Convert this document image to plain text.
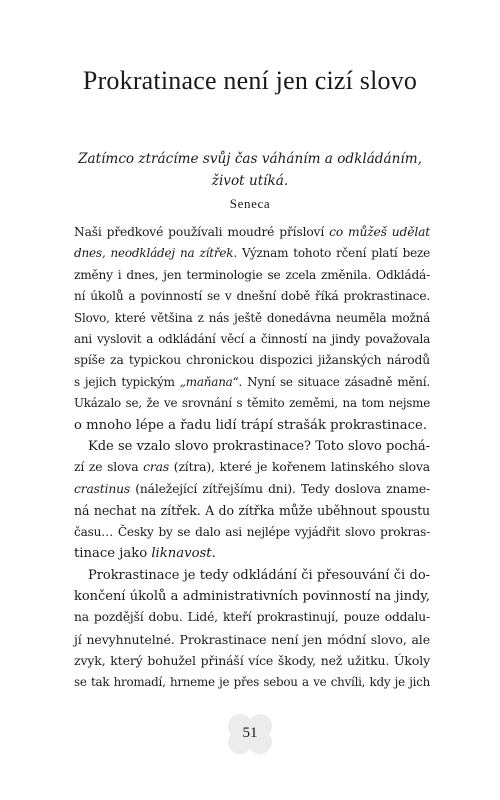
Prokratinace není jen cizí slovo

Zatímco ztrácíme svůj čas váháním a odkládáním,
život utíká.

Seneca
Naši předkové používali moudré přísloví co můžeš udělat
dnes, neodkládej na zítřek. Význam tohoto rčení platí beze
změny i dnes, jen terminologie se zcela změnila. Odkládá-
ní úkolů a povinností se v dnešní době říká prokrastinace.
Slovo, které většina z nás ještě donedávna neuměla možná
ani vyslovit a odkládání věcí a činností na jindy považovala
spíše za typickou chronickou dispozici jižanských národů
s jejich typickým „maňana“. Nyní se situace zásadně mění.
Ukázalo se, že ve srovnání s těmito zeměmi, na tom nejsme
o mnoho lépe a řadu lidí trápí strašák prokrastinace.
Kde se vzalo slovo prokrastinace? Toto slovo pochá-
zí ze slova cras (zítra), které je kořenem latinského slova
crastinus (náležející zítřejšímu dni). Tedy doslova zname-
ná nechat na zítřek. A do zítřka může uběhnout spoustu
času… Česky by se dalo asi nejlépe vyjádřit slovo prokras-
tinace jako liknavost.
Prokrastinace je tedy odkládání či přesouvání či do-
končení úkolů a administrativních povinností na jindy,
na pozdější dobu. Lidé, kteří prokrastinují, pouze oddalu-
jí nevyhnutelné. Prokrastinace není jen módní slovo, ale
zvyk, který bohužel přináší více škody, než užitku. Úkoly
se tak hromadí, hrneme je přes sebou a ve chvíli, kdy je jich
51
